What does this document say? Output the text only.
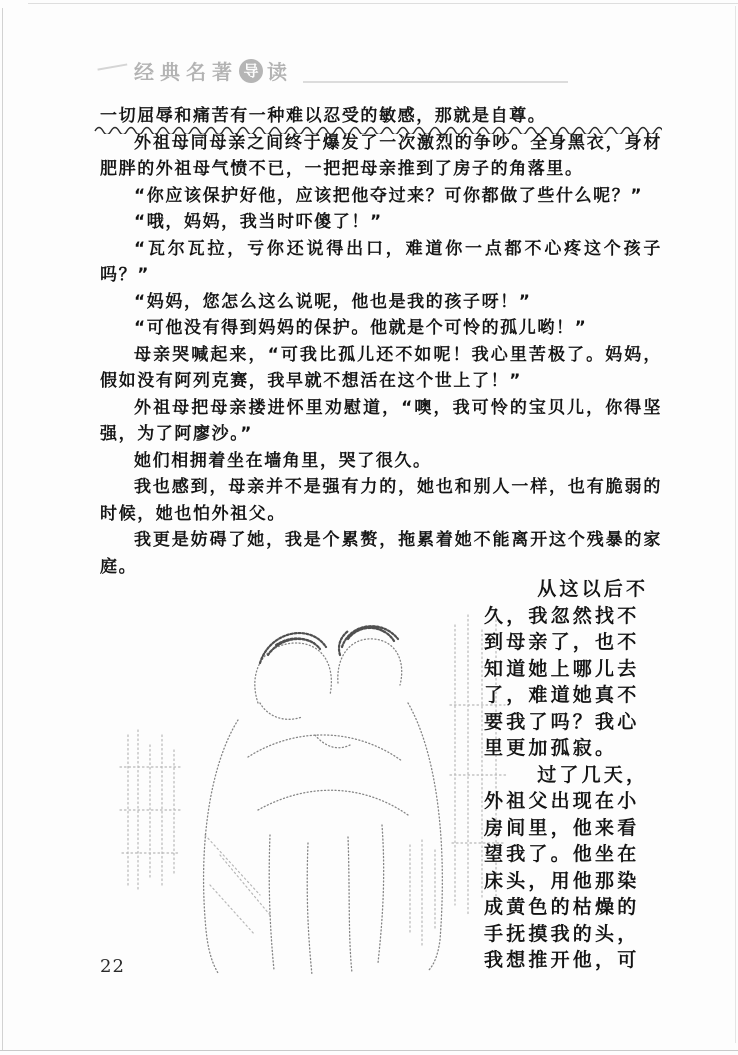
经典名著 导 读

一切屈辱和痛苦有一种难以忍受的敏感，那就是自尊。

外祖母同母亲之间终于爆发了一次激烈的争吵。全身黑衣，身材肥胖的外祖母气愤不已，一把把母亲推到了房子的角落里。

“你应该保护好他，应该把他夺过来？可你都做了些什么呢？”

“哦，妈妈，我当时吓傻了！”

“瓦尔瓦拉，亏你还说得出口，难道你一点都不心疼这个孩子吗？”

“妈妈，您怎么这么说呢，他也是我的孩子呀！”

“可他没有得到妈妈的保护。他就是个可怜的孤儿哟！”

母亲哭喊起来，“可我比孤儿还不如呢！我心里苦极了。妈妈，假如没有阿列克赛，我早就不想活在这个世上了！”

外祖母把母亲搂进怀里劝慰道，“噢，我可怜的宝贝儿，你得坚强，为了阿廖沙。”

她们相拥着坐在墙角里，哭了很久。

我也感到，母亲并不是强有力的，她也和别人一样，也有脆弱的时候，她也怕外祖父。

我更是妨碍了她，我是个累赘，拖累着她不能离开这个残暴的家庭。

从这以后不久，我忽然找不到母亲了，也不知道她上哪儿去了，难道她真不要我了吗？我心里更加孤寂。

过了几天，外祖父出现在小房间里，他来看望我了。他坐在床头，用他那染成黄色的枯燥的手抚摸我的头，我想推开他，可

22
